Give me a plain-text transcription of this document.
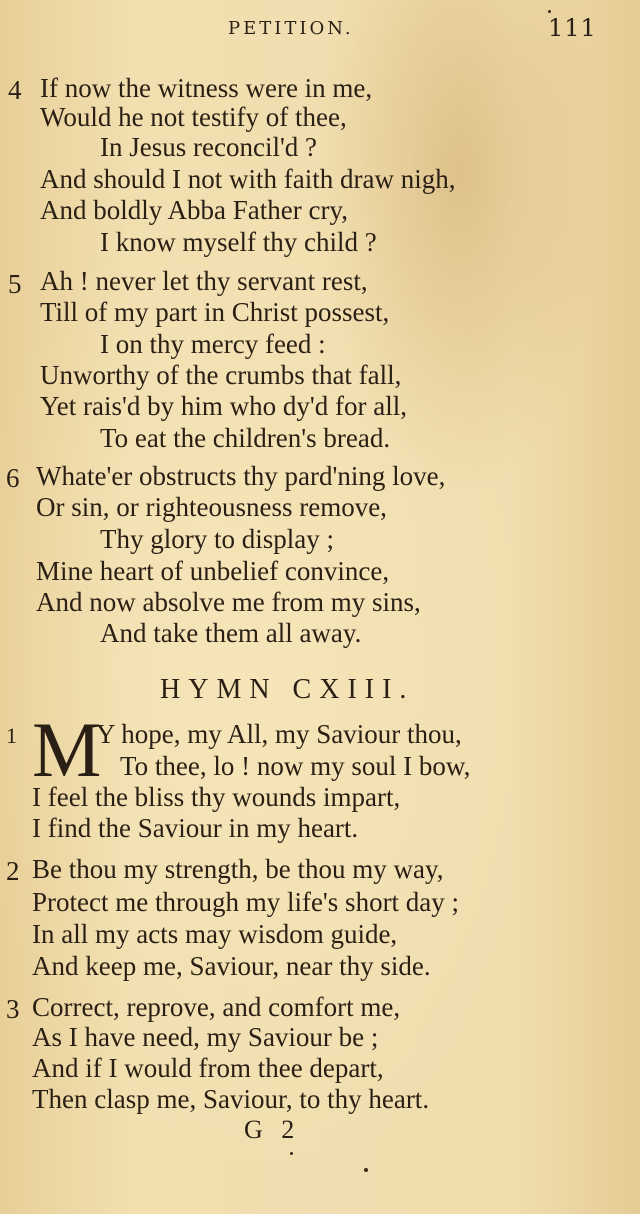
PETITION.	111
4 If now the witness were in me,
Would he not testify of thee,
In Jesus reconcil'd ?
And should I not with faith draw nigh,
And boldly Abba Father cry,
I know myself thy child ?
5 Ah ! never let thy servant rest,
Till of my part in Christ possest,
I on thy mercy feed :
Unworthy of the crumbs that fall,
Yet rais'd by him who dy'd for all,
To eat the children's bread.
6 Whate'er obstructs thy pard'ning love,
Or sin, or righteousness remove,
Thy glory to display ;
Mine heart of unbelief convince,
And now absolve me from my sins,
And take them all away.
HYMN CXIII.
1 M
Y hope, my All, my Saviour thou,
To thee, lo ! now my soul I bow,
I feel the bliss thy wounds impart,
I find the Saviour in my heart.
2 Be thou my strength, be thou my way,
Protect me through my life's short day ;
In all my acts may wisdom guide,
And keep me, Saviour, near thy side.
3 Correct, reprove, and comfort me,
As I have need, my Saviour be ;
And if I would from thee depart,
Then clasp me, Saviour, to thy heart.
G 2
